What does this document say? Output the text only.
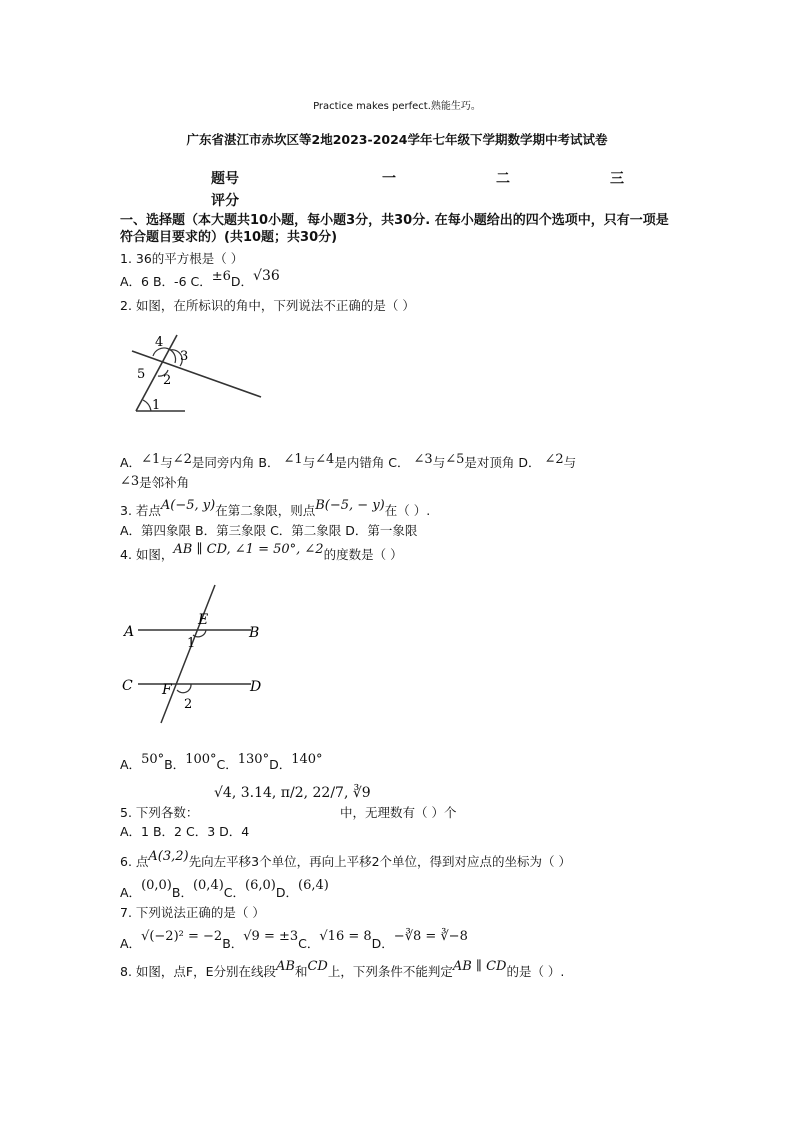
Practice makes perfect.熟能生巧。
广东省湛江市赤坎区等2地2023-2024学年七年级下学期数学期中考试试卷
题号	一	二	三
评分
一、选择题（本大题共10小题，每小题3分，共30分. 在每小题给出的四个选项中，只有一项是符合题目要求的）(共10题；共30分)
1. 36的平方根是（ ）
A．6 B．-6 C．±6D．√36
2. 如图，在所标识的角中，下列说法不正确的是（ ）
4
3
5 2
1
A．∠1与∠2是同旁内角 B． ∠1与∠4是内错角 C． ∠3与∠5是对顶角 D． ∠2与
∠3是邻补角
3. 若点A(−5, y)在第二象限，则点B(−5, − y)在（ ）.
A．第四象限 B．第三象限 C．第二象限 D．第一象限
4. 如图，AB ∥ CD, ∠1 = 50°, ∠2的度数是（ ）
A	B
C	D
E
F
1
2
A．50°B．100°C．130°D．140°
√4, 3.14, π/2, 22/7, ∛9
5. 下列各数：	中，无理数有（ ）个
A．1 B．2 C．3 D．4
6. 点A(3,2)先向左平移3个单位，再向上平移2个单位，得到对应点的坐标为（ ）
A．(0,0)B．(0,4)C．(6,0)D．(6,4)
7. 下列说法正确的是（ ）
A．√(−2)² = −2B．√9 = ±3C．√16 = 8D．−∛8 = ∛−8
8. 如图，点F，E分别在线段AB和CD上，下列条件不能判定AB ∥ CD的是（ ）.
